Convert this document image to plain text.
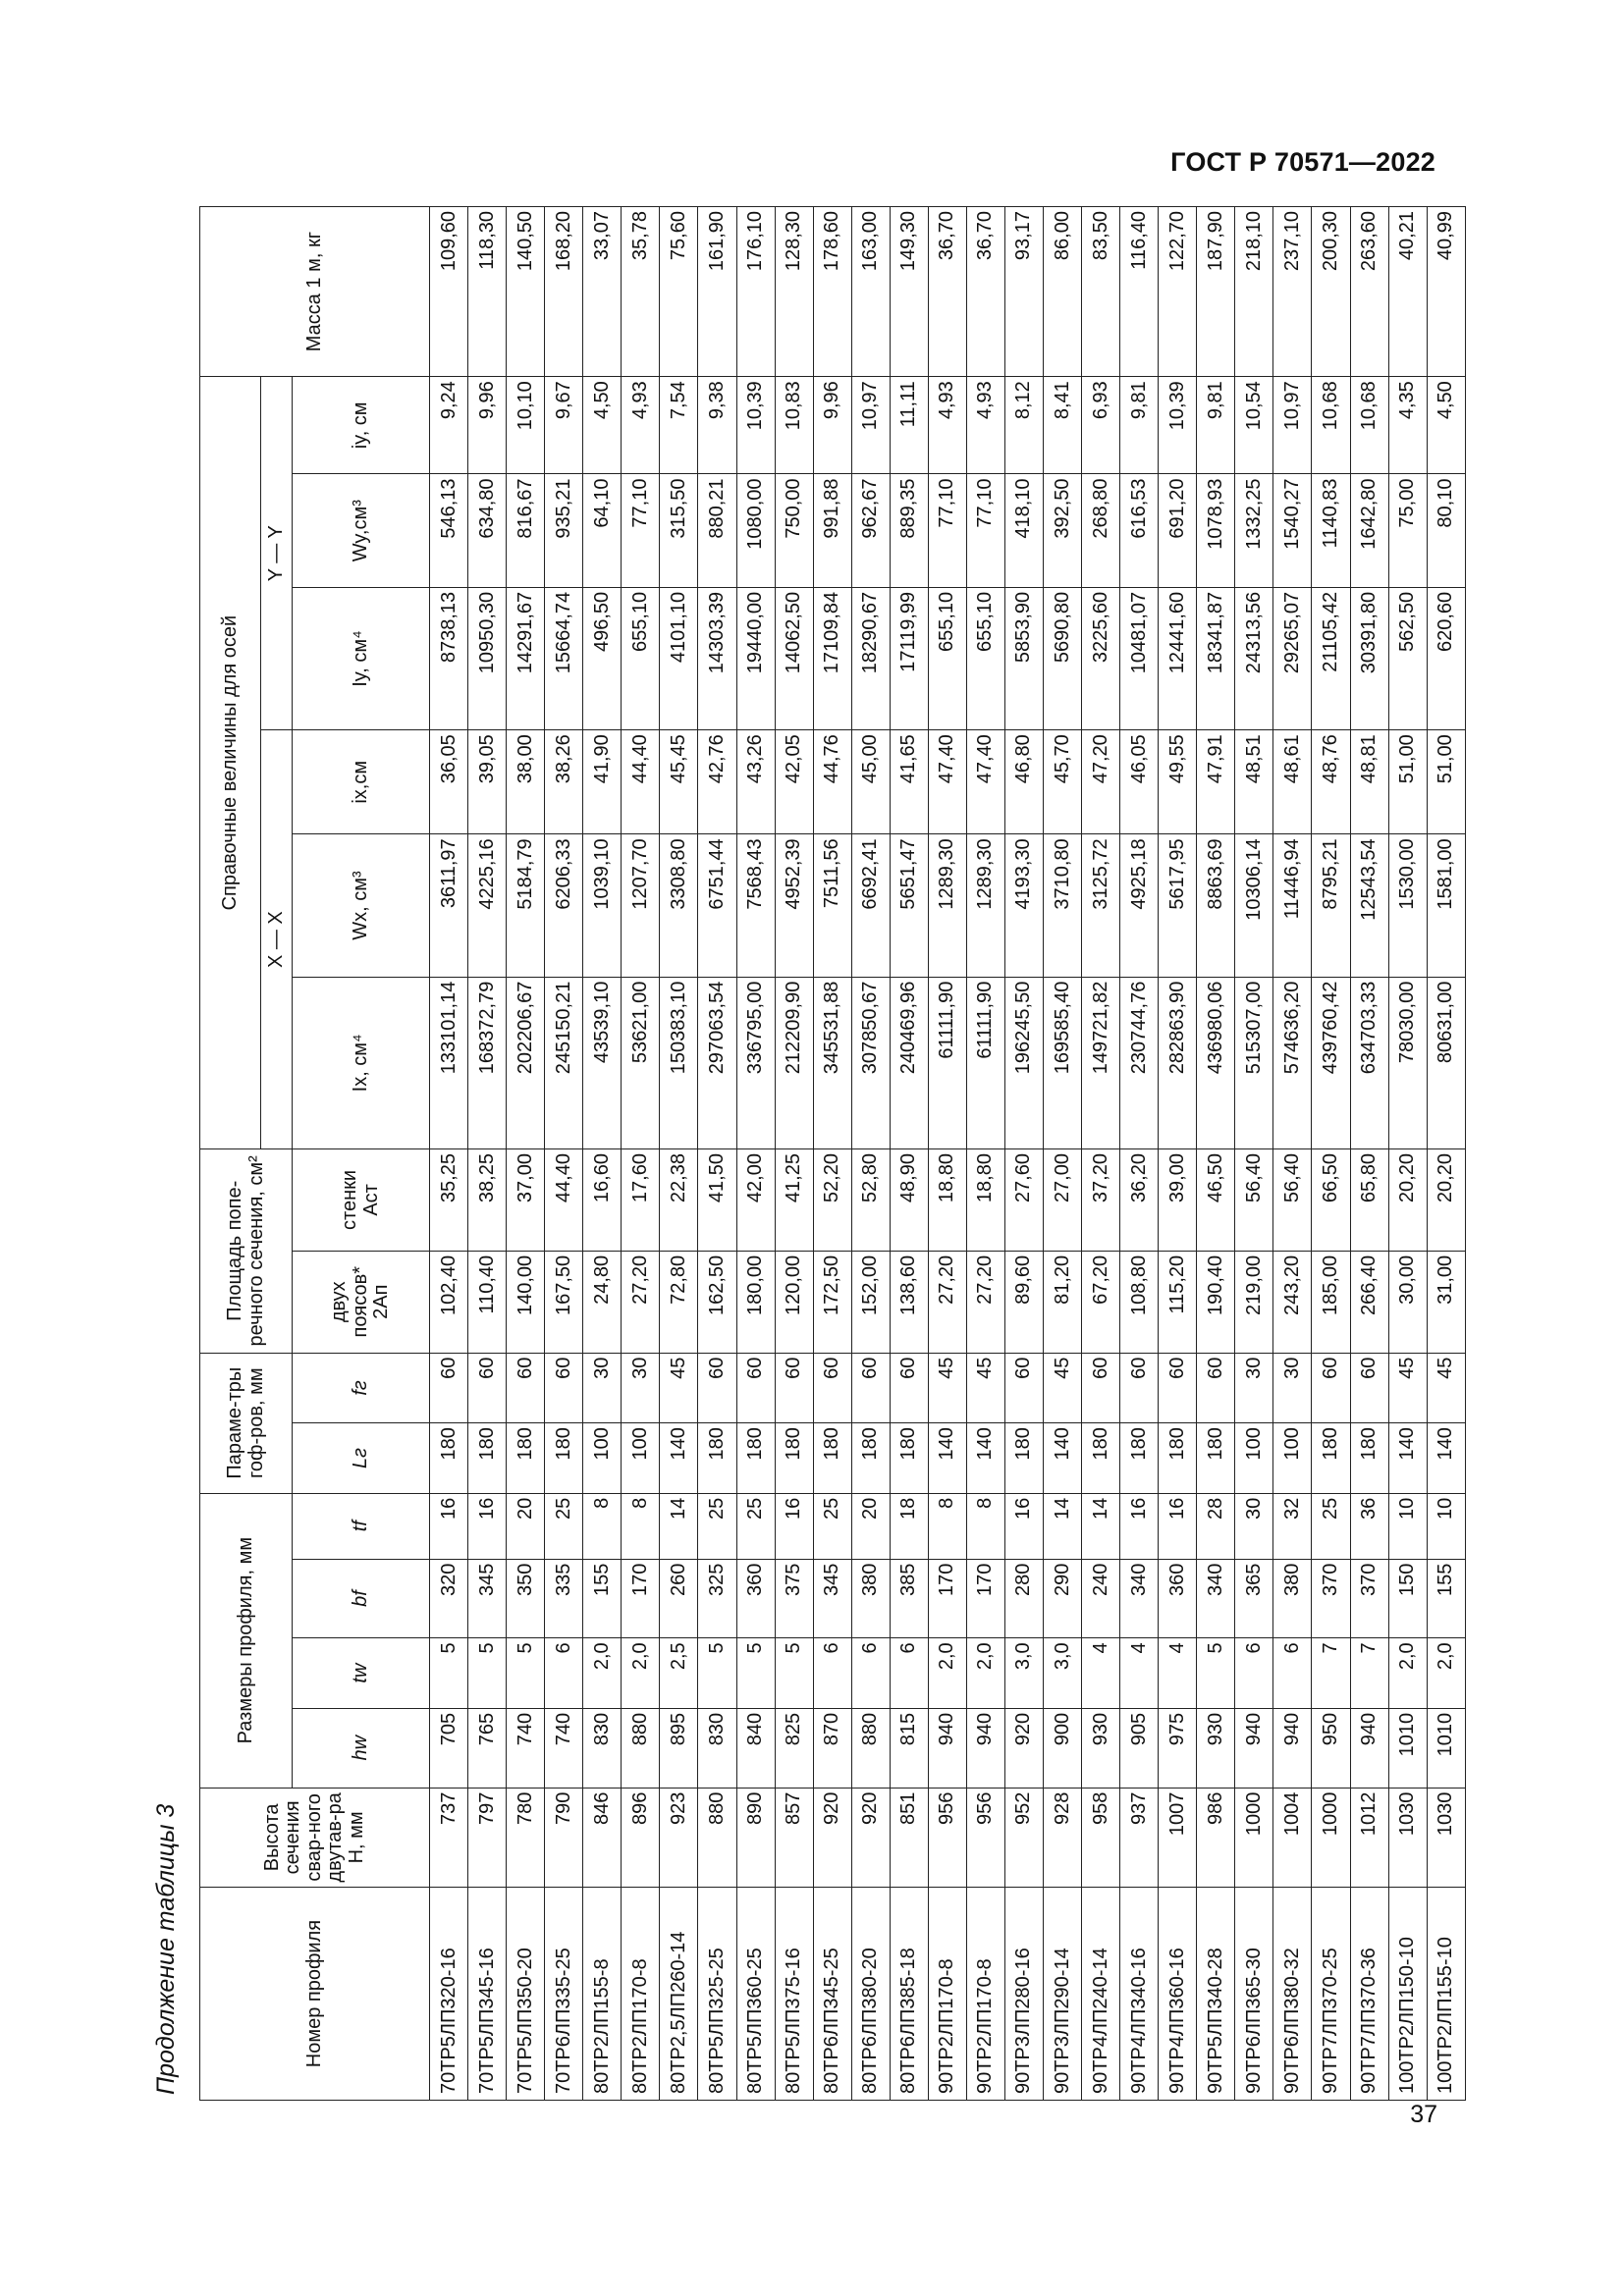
ГОСТ Р 70571—2022
Продолжение таблицы 3	Номер профиля	Высота сечения свар-ного двутав-ра H, мм	Размеры профиля, мм				Параме-тры гоф-ров, мм		Площадь попе-речного сечения, см²		Справочные величины для осей						Масса 1 м, кг
										X — X			Y — Y			
		hw	tw	bf	tf	Lг	fг	двух поясов* 2Aп	стенки Aст	Ix, см⁴	Wx, см³	ix,см	Iy, см⁴	Wy,см³	iy, см	
70ТР5ЛП320-16	737	705	5	320	16	180	60	102,40	35,25	133101,14	3611,97	36,05	8738,13	546,13	9,24	109,60
70ТР5ЛП345-16	797	765	5	345	16	180	60	110,40	38,25	168372,79	4225,16	39,05	10950,30	634,80	9,96	118,30
70ТР5ЛП350-20	780	740	5	350	20	180	60	140,00	37,00	202206,67	5184,79	38,00	14291,67	816,67	10,10	140,50
70ТР6ЛП335-25	790	740	6	335	25	180	60	167,50	44,40	245150,21	6206,33	38,26	15664,74	935,21	9,67	168,20
80ТР2ЛП155-8	846	830	2,0	155	8	100	30	24,80	16,60	43539,10	1039,10	41,90	496,50	64,10	4,50	33,07
80ТР2ЛП170-8	896	880	2,0	170	8	100	30	27,20	17,60	53621,00	1207,70	44,40	655,10	77,10	4,93	35,78
80ТР2,5ЛП260-14	923	895	2,5	260	14	140	45	72,80	22,38	150383,10	3308,80	45,45	4101,10	315,50	7,54	75,60
80ТР5ЛП325-25	880	830	5	325	25	180	60	162,50	41,50	297063,54	6751,44	42,76	14303,39	880,21	9,38	161,90
80ТР5ЛП360-25	890	840	5	360	25	180	60	180,00	42,00	336795,00	7568,43	43,26	19440,00	1080,00	10,39	176,10
80ТР5ЛП375-16	857	825	5	375	16	180	60	120,00	41,25	212209,90	4952,39	42,05	14062,50	750,00	10,83	128,30
80ТР6ЛП345-25	920	870	6	345	25	180	60	172,50	52,20	345531,88	7511,56	44,76	17109,84	991,88	9,96	178,60
80ТР6ЛП380-20	920	880	6	380	20	180	60	152,00	52,80	307850,67	6692,41	45,00	18290,67	962,67	10,97	163,00
80ТР6ЛП385-18	851	815	6	385	18	180	60	138,60	48,90	240469,96	5651,47	41,65	17119,99	889,35	11,11	149,30
90ТР2ЛП170-8	956	940	2,0	170	8	140	45	27,20	18,80	61111,90	1289,30	47,40	655,10	77,10	4,93	36,70
90ТР2ЛП170-8	956	940	2,0	170	8	140	45	27,20	18,80	61111,90	1289,30	47,40	655,10	77,10	4,93	36,70
90ТР3ЛП280-16	952	920	3,0	280	16	180	60	89,60	27,60	196245,50	4193,30	46,80	5853,90	418,10	8,12	93,17
90ТР3ЛП290-14	928	900	3,0	290	14	140	45	81,20	27,00	169585,40	3710,80	45,70	5690,80	392,50	8,41	86,00
90ТР4ЛП240-14	958	930	4	240	14	180	60	67,20	37,20	149721,82	3125,72	47,20	3225,60	268,80	6,93	83,50
90ТР4ЛП340-16	937	905	4	340	16	180	60	108,80	36,20	230744,76	4925,18	46,05	10481,07	616,53	9,81	116,40
90ТР4ЛП360-16	1007	975	4	360	16	180	60	115,20	39,00	282863,90	5617,95	49,55	12441,60	691,20	10,39	122,70
90ТР5ЛП340-28	986	930	5	340	28	180	60	190,40	46,50	436980,06	8863,69	47,91	18341,87	1078,93	9,81	187,90
90ТР6ЛП365-30	1000	940	6	365	30	100	30	219,00	56,40	515307,00	10306,14	48,51	24313,56	1332,25	10,54	218,10
90ТР6ЛП380-32	1004	940	6	380	32	100	30	243,20	56,40	574636,20	11446,94	48,61	29265,07	1540,27	10,97	237,10
90ТР7ЛП370-25	1000	950	7	370	25	180	60	185,00	66,50	439760,42	8795,21	48,76	21105,42	1140,83	10,68	200,30
90ТР7ЛП370-36	1012	940	7	370	36	180	60	266,40	65,80	634703,33	12543,54	48,81	30391,80	1642,80	10,68	263,60
100ТР2ЛП150-10	1030	1010	2,0	150	10	140	45	30,00	20,20	78030,00	1530,00	51,00	562,50	75,00	4,35	40,21
100ТР2ЛП155-10	1030	1010	2,0	155	10	140	45	31,00	20,20	80631,00	1581,00	51,00	620,60	80,10	4,50	40,99
37
